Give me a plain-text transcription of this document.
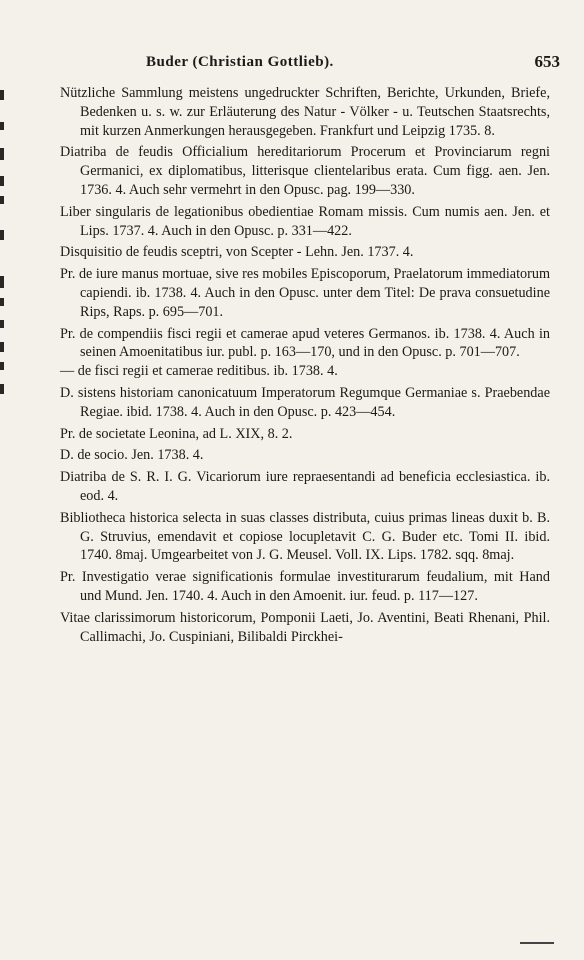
Buder (Christian Gottlieb).	653

Nützliche Sammlung meistens ungedruckter Schriften, Berichte, Urkunden, Briefe, Bedenken u. s. w. zur Erläuterung des Natur - Völker - u. Teutschen Staatsrechts, mit kurzen Anmerkungen herausgegeben. Frankfurt und Leipzig 1735. 8.

Diatriba de feudis Officialium hereditariorum Procerum et Provinciarum regni Germanici, ex diplomatibus, litterisque clientelaribus erata. Cum figg. aen. Jen. 1736. 4. Auch sehr vermehrt in den Opusc. pag. 199—330.

Liber singularis de legationibus obedientiae Romam missis. Cum numis aen. Jen. et Lips. 1737. 4. Auch in den Opusc. p. 331—422.

Disquisitio de feudis sceptri, von Scepter - Lehn. Jen. 1737. 4.

Pr. de iure manus mortuae, sive res mobiles Episcoporum, Praelatorum immediatorum capiendi. ib. 1738. 4. Auch in den Opusc. unter dem Titel: De prava consuetudine Rips, Raps. p. 695—701.

Pr. de compendiis fisci regii et camerae apud veteres Germanos. ib. 1738. 4. Auch in seinen Amoenitatibus iur. publ. p. 163—170, und in den Opusc. p. 701—707.

— de fisci regii et camerae reditibus. ib. 1738. 4.

D. sistens historiam canonicatuum Imperatorum Regumque Germaniae s. Praebendae Regiae. ibid. 1738. 4. Auch in den Opusc. p. 423—454.

Pr. de societate Leonina, ad L. XIX, 8. 2.

D. de socio. Jen. 1738. 4.

Diatriba de S. R. I. G. Vicariorum iure repraesentandi ad beneficia ecclesiastica. ib. eod. 4.

Bibliotheca historica selecta in suas classes distributa, cuius primas lineas duxit b. B. G. Struvius, emendavit et copiose locupletavit C. G. Buder etc. Tomi II. ibid. 1740. 8maj. Umgearbeitet von J. G. Meusel. Voll. IX. Lips. 1782. sqq. 8maj.

Pr. Investigatio verae significationis formulae investiturarum feudalium, mit Hand und Mund. Jen. 1740. 4. Auch in den Amoenit. iur. feud. p. 117—127.

Vitae clarissimorum historicorum, Pomponii Laeti, Jo. Aventini, Beati Rhenani, Phil. Callimachi, Jo. Cuspiniani, Bilibaldi Pirckhei-
